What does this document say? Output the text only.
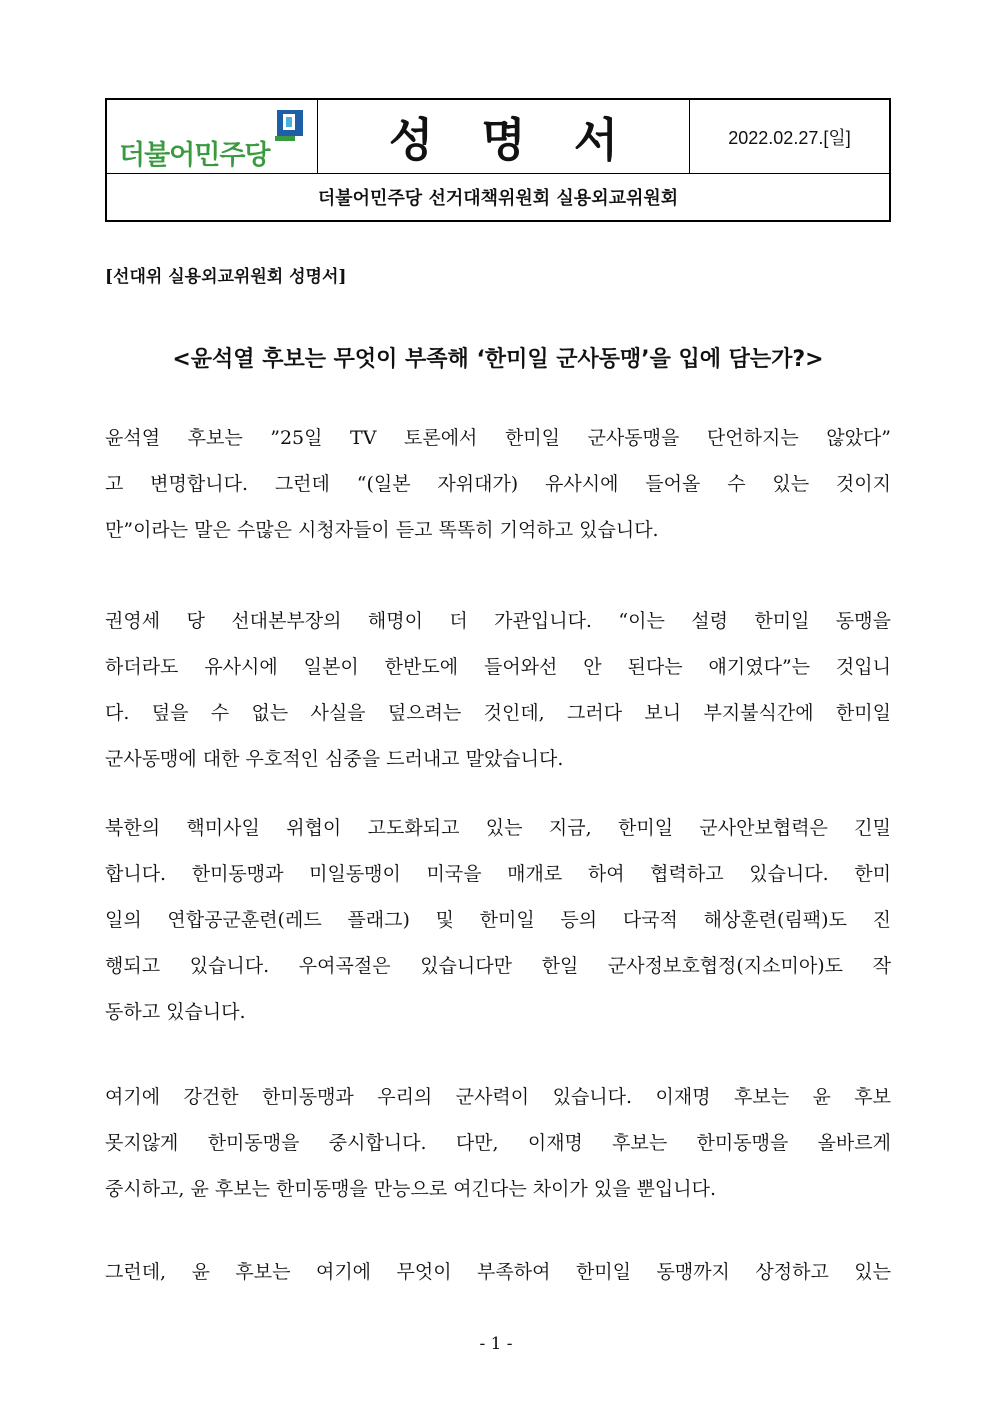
더불어민주당	성 명 서	2022.02.27.[일]
더불어민주당 선거대책위원회 실용외교위원회
[선대위 실용외교위원회 성명서]
<윤석열 후보는 무엇이 부족해 ‘한미일 군사동맹’을 입에 담는가?>
윤석열 후보는 ”25일 TV 토론에서 한미일 군사동맹을 단언하지는 않았다”
고 변명합니다. 그런데 “(일본 자위대가) 유사시에 들어올 수 있는 것이지
만”이라는 말은 수많은 시청자들이 듣고 똑똑히 기억하고 있습니다.
권영세 당 선대본부장의 해명이 더 가관입니다. “이는 설령 한미일 동맹을
하더라도 유사시에 일본이 한반도에 들어와선 안 된다는 얘기였다”는 것입니
다. 덮을 수 없는 사실을 덮으려는 것인데, 그러다 보니 부지불식간에 한미일
군사동맹에 대한 우호적인 심중을 드러내고 말았습니다.
북한의 핵미사일 위협이 고도화되고 있는 지금, 한미일 군사안보협력은 긴밀
합니다. 한미동맹과 미일동맹이 미국을 매개로 하여 협력하고 있습니다. 한미
일의 연합공군훈련(레드 플래그) 및 한미일 등의 다국적 해상훈련(림팩)도 진
행되고 있습니다. 우여곡절은 있습니다만 한일 군사정보호협정(지소미아)도 작
동하고 있습니다.
여기에 강건한 한미동맹과 우리의 군사력이 있습니다. 이재명 후보는 윤 후보
못지않게 한미동맹을 중시합니다. 다만, 이재명 후보는 한미동맹을 올바르게
중시하고, 윤 후보는 한미동맹을 만능으로 여긴다는 차이가 있을 뿐입니다.
그런데, 윤 후보는 여기에 무엇이 부족하여 한미일 동맹까지 상정하고 있는
- 1 -
